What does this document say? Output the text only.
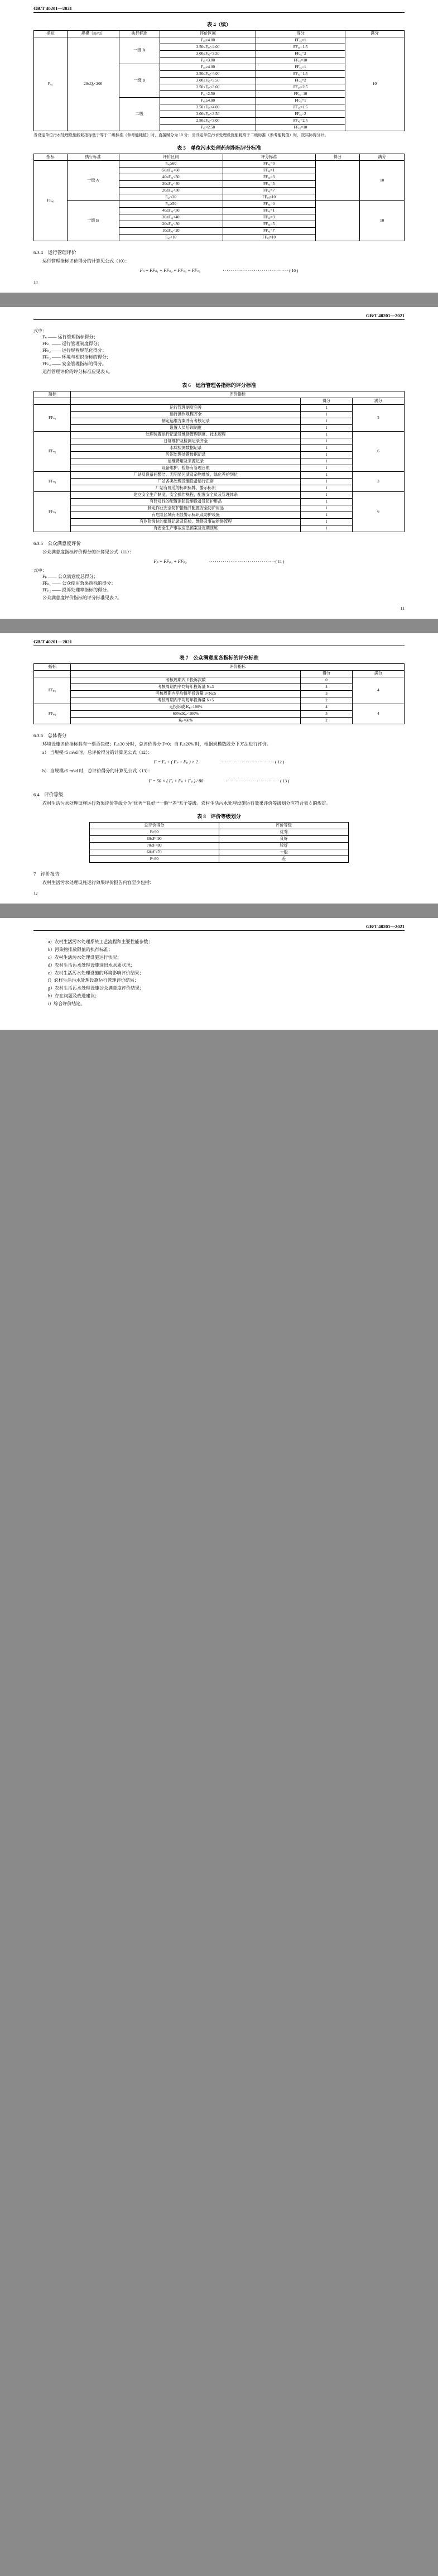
GB/T 40201—2021
表 4（续）
指标	规模（m³/d）	执行标准	评价区间	得分	满分
Fₐ₅	20≤Qₐ<200	一级 A	Fₐ₅≥4.00	FFₐ₅=1	10
			3.50≤Fₐ₅<4.00	FFₐ₅=1.5	
			3.00≤Fₐ₅<3.50	FFₐ₅=2	
			Fₐ₅<3.00	FFₐ₅=10	
		一级 B	Fₐ₅≥4.00	FFₐ₅=1	
			3.50≤Fₐ₅<4.00	FFₐ₅=1.5	
			3.00≤Fₐ₅<3.50	FFₐ₅=2	
			2.50≤Fₐ₅<3.00	FFₐ₅=2.5	
			Fₐ₅<2.50	FFₐ₅=10	
		二级	Fₐ₅≥4.00	FFₐ₅=1	
			3.50≤Fₐ₅<4.00	FFₐ₅=1.5	
			3.00≤Fₐ₅<3.50	FFₐ₅=2	
			2.50≤Fₐ₅<3.00	FFₐ₅=2.5	
			Fₐ₅<2.50	FFₐ₅=10	
当设定单位污水处理设施能耗指标低于等于二级标准（参考能耗值）时，直接赋分为 10 分；当设定单位污水处理设施能耗高于二级标准（参考能耗值）时，按实际得分计。
表 5　单位污水处理药剂指标评分标准
指标	执行标准	评价区间	评分标准	得分	满分
FFₐ₆	一级 A	Fₐ₆≥60	FFₐ₆=0		10
		50≤Fₐ₆<60	FFₐ₆=1		
		40≤Fₐ₆<50	FFₐ₆=3		
		30≤Fₐ₆<40	FFₐ₆=5		
		20≤Fₐ₆<30	FFₐ₆=7		
		Fₐ₆<20	FFₐ₆=10		
	一级 B	Fₐ₆≥50	FFₐ₆=0		10
		40≤Fₐ₆<50	FFₐ₆=1		
		30≤Fₐ₆<40	FFₐ₆=3		
		20≤Fₐ₆<30	FFₐ₆=5		
		10≤Fₐ₆<20	FFₐ₆=7		
		Fₐ₆<10	FFₐ₆=10		
6.3.4 运行管理评价
运行管理指标评价得分的计算见公式（10）：
Fₙ = FFₙ₁ + FFₙ₂ + FFₙ₃ + FFₙ₄	·································· ( 10 )
10
GB/T 40201—2021
式中：
Fₙ —— 运行管理指标得分；
FFₙ₁ —— 运行管理制度得分；
FFₙ₂ —— 运行规程规范化得分；
FFₙ₃ —— 环境与相识指标的得分；
FFₙ₄ —— 安全管理指标的得分。
运行管理评价的评分标准应见表 6。
表 6　运行管理各指标的评分标准
指标	评价指标		
		得分	满分
FFₙ₁	运行管理制度完善	1	5
	运行操作规程齐全	1	
	制定运维方案并有考核记录	1	
	设置人员培训制度	1	
FFₙ₂	处理装置运行记录及维修管理制度、技术规程	1	6
	日常维护及检测记录齐全	1	
	水质检测数据记录	1	
	污泥处理处置数据记录	1	
	运维费用及来源记录	1	
	设备维护、检修有管理台账	1	
FFₙ₃	厂站及设备间整洁、无明显污渍及杂物堆放、绿化养护到位	1	3
	厂站各类处理设施设备运行正常	1	
	厂站有规范的标识标牌、警示标识	1	
FFₙ₄	建立安全生产制度、安全操作规程，配置安全员及管理体系	1	6
	有针对性的配置消防设施设备及防护用品	1	
	制定作业安全防护措施并配置安全防护用品	1	
	有危险区域有明显警示标识及防护设施	1	
	有危险岗位的值班记录及巡检、维修及事故抢修流程	1	
	有安全生产事故应急预案及定期演练	1	
6.3.5 公众满意度评价
公众满意度指标评价得分的计算见公式（11）：
Fₚ = FFₚ₁ + FFₚ₂	·································· ( 11 )
式中：
Fₚ —— 公众满意度总得分；
FFₚ₁ —— 公众使用效果指标的得分；
FFₚ₂ —— 投诉处理率指标的得分。
公众满意度评价指标的评分标准见表 7。
11
GB/T 40201—2021
表 7　公众满意度各指标的评分标准
指标	评价指标		
		得分	满分
FFₚ₁	考核周期内 F 投诉次数	0	4
	考核周期内平均每年投诉量 N≤3	4	
	考核周期内平均每年投诉量 3<N≤5	3	
	考核周期内平均每年投诉量 N>5	2	
FFₚ₂	无投诉或 Kₚ=100%	4	4
	60%≤Kₚ<100%	3	
	Kₚ<60%	2	
6.3.6 总体得分
环境设施评价指标具有一票否决权；Fₐ≥30 分时，总评价得分 F=0；当 Fₐ≥20% 时，根据规模数段分下方法进行评价。
a） 当规模<5 m³/d 时，总评价得分的计算见公式（12）：
F = Fₐ + ( Fₙ + Fₚ ) × 2	···························· ( 12 )
b） 当规模≥5 m³/d 时，总评价得分的计算见公式（13）：
F = 50 × ( Fₐ + Fₙ + Fₚ ) / 80	···························· ( 13 )
6.4 评价等级
农村生活污水处理设施运行效果评价等级分为“优秀”“良好”“一般”“差”五个等级。农村生活污水处理设施运行效果评价等级划分应符合表 8 的规定。
表 8　评价等级划分
总评价得分	评价等级
F≥90	优秀
80≤F<90	良好
70≤F<80	较好
60≤F<70	一般
F<60	差
7 评价报告
农村生活污水处理设施运行效果评价报告内容至少包括：
12
GB/T 40201—2021
a）农村生活污水处理系统工艺流程和主要性能参数；
b）污染物排放限值的执行标准；
c）农村生活污水处理设施运行状况；
d）农村生活污水处理设施进出水水质状况；
e）农村生活污水处理设施的环境影响评价结果；
f）农村生活污水处理设施运行管理评价结果；
g）农村生活污水处理设施公众满意度评价结果；
h）存在问题及改进建议；
i）综合评价结论。
